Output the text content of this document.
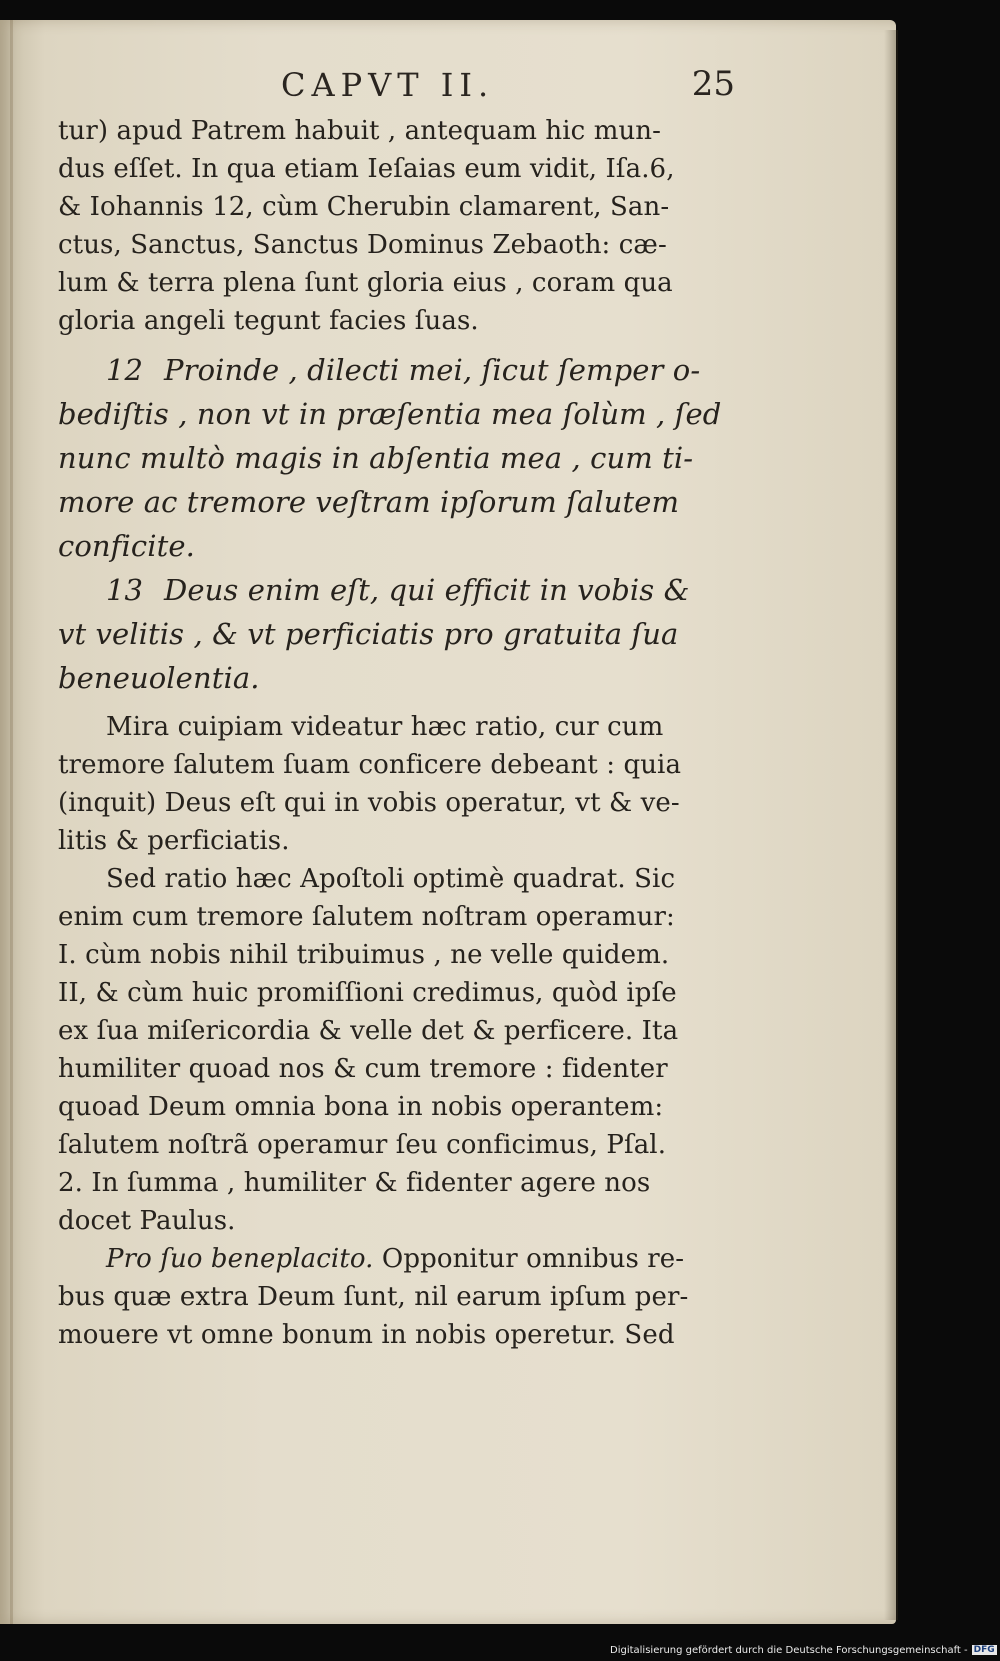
CAPVT II.	25
tur) apud Patrem habuit , antequam hic mun-
dus eſſet. In qua etiam Ieſaias eum vidit, Iſa.6,
& Iohannis 12, cùm Cherubin clamarent, San-
ctus, Sanctus, Sanctus Dominus Zebaoth: cæ-
lum & terra plena ſunt gloria eius , coram qua
gloria angeli tegunt facies ſuas.
12 Proinde , dilecti mei, ſicut ſemper o-
bediſtis , non vt in præſentia mea ſolùm , ſed
nunc multò magis in abſentia mea , cum ti-
more ac tremore veſtram ipſorum ſalutem
conficite.
13 Deus enim eſt, qui efficit in vobis &
vt velitis , & vt perficiatis pro gratuita ſua
beneuolentia.
Mira cuipiam videatur hæc ratio, cur cum
tremore ſalutem ſuam conficere debeant : quia
(inquit) Deus eſt qui in vobis operatur, vt & ve-
litis & perficiatis.
Sed ratio hæc Apoſtoli optimè quadrat. Sic
enim cum tremore ſalutem noſtram operamur:
I. cùm nobis nihil tribuimus , ne velle quidem.
II, & cùm huic promiſſioni credimus, quòd ipſe
ex ſua miſericordia & velle det & perficere. Ita
humiliter quoad nos & cum tremore : fidenter
quoad Deum omnia bona in nobis operantem:
ſalutem noſtrã operamur ſeu conficimus, Pſal.
2. In ſumma , humiliter & fidenter agere nos
docet Paulus.
Pro ſuo beneplacito. Opponitur omnibus re-
bus quæ extra Deum ſunt, nil earum ipſum per-
mouere vt omne bonum in nobis operetur. Sed
Digitalisierung gefördert durch die Deutsche Forschungsgemeinschaft - DFG
